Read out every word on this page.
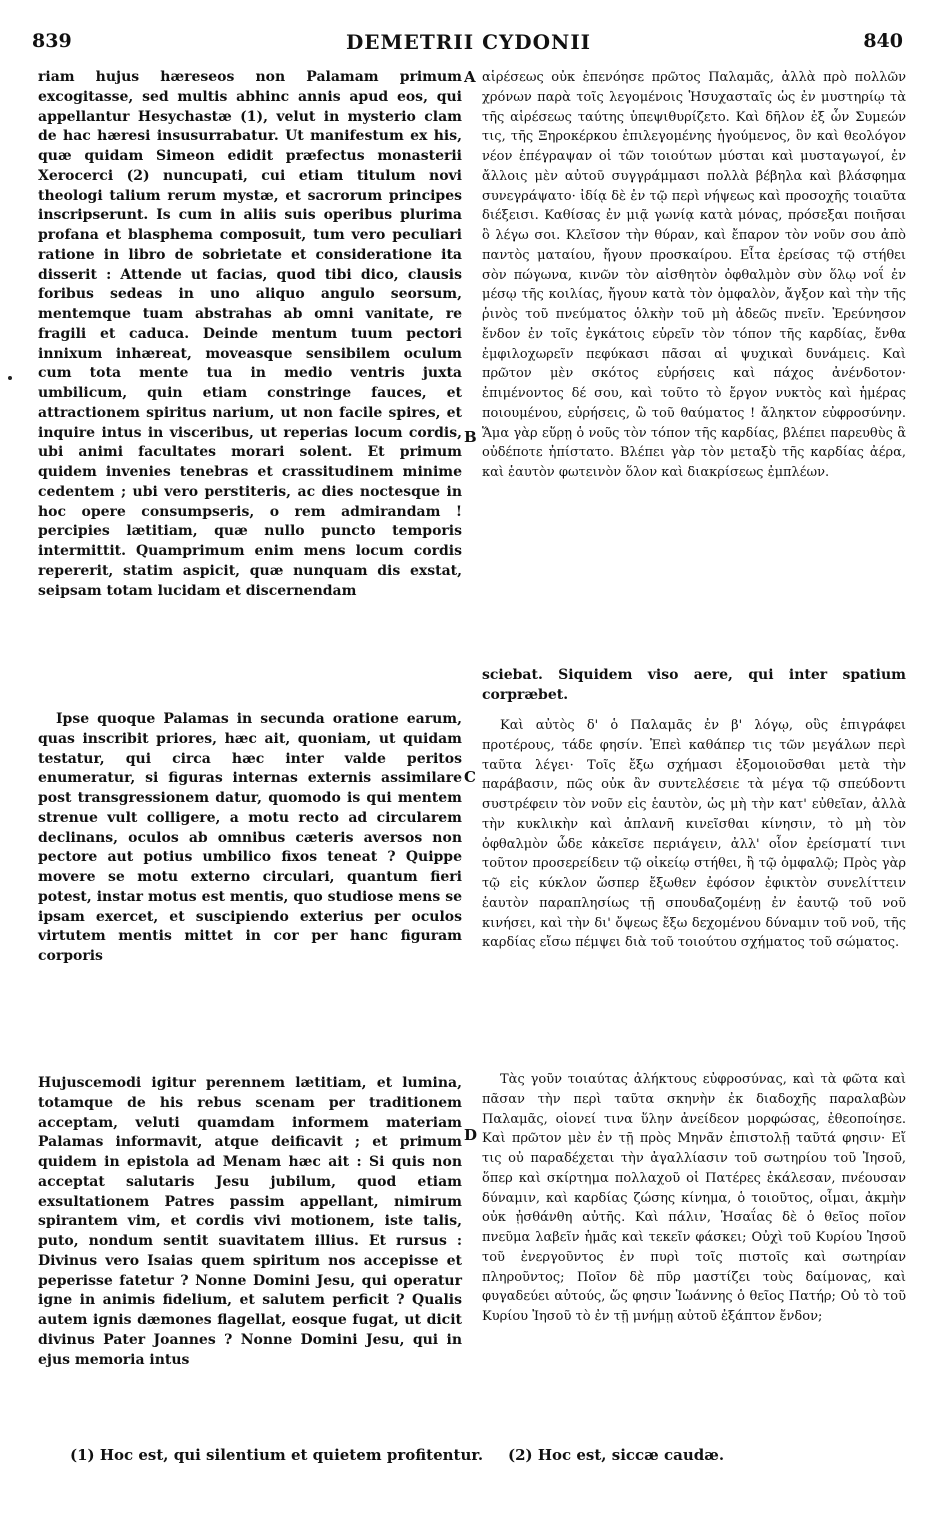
839	DEMETRII CYDONII	840
riam hujus hæreseos non Palamam primum excogitasse, sed multis abhinc annis apud eos, qui appellantur Hesychastæ (1), velut in mysterio clam de hac hæresi insusurrabatur. Ut manifestum ex his, quæ quidam Simeon edidit præfectus monasterii Xerocerci (2) nuncupati, cui etiam titulum novi theologi talium rerum mystæ, et sacrorum principes inscripserunt. Is cum in aliis suis operibus plurima profana et blasphema composuit, tum vero peculiari ratione in libro de sobrietate et consideratione ita disserit : Attende ut facias, quod tibi dico, clausis foribus sedeas in uno aliquo angulo seorsum, mentemque tuam abstrahas ab omni vanitate, re fragili et caduca. Deinde mentum tuum pectori innixum inhæreat, moveasque sensibilem oculum cum tota mente tua in medio ventris juxta umbilicum, quin etiam constringe fauces, et attractionem spiritus narium, ut non facile spires, et inquire intus in visceribus, ut reperias locum cordis, ubi animi facultates morari solent. Et primum quidem invenies tenebras et crassitudinem minime cedentem ; ubi vero perstiteris, ac dies noctesque in hoc opere consumpseris, o rem admirandam ! percipies lætitiam, quæ nullo puncto temporis intermittit. Quamprimum enim mens locum cordis repererit, statim aspicit, quæ nunquam dis exstat, seipsam totam lucidam et discernendam
Ipse quoque Palamas in secunda oratione earum, quas inscribit priores, hæc ait, quoniam, ut quidam testatur, qui circa hæc inter valde peritos enumeratur, si figuras internas externis assimilare post transgressionem datur, quomodo is qui mentem strenue vult colligere, a motu recto ad circularem declinans, oculos ab omnibus cæteris aversos non pectore aut potius umbilico fixos teneat ? Quippe movere se motu externo circulari, quantum fieri potest, instar motus est mentis, quo studiose mens se ipsam exercet, et suscipiendo exterius per oculos virtutem mentis mittet in cor per hanc figuram corporis
Hujuscemodi igitur perennem lætitiam, et lumina, totamque de his rebus scenam per traditionem acceptam, veluti quamdam informem materiam Palamas informavit, atque deificavit ; et primum quidem in epistola ad Menam hæc ait : Si quis non acceptat salutaris Jesu jubilum, quod etiam exsultationem Patres passim appellant, nimirum spirantem vim, et cordis vivi motionem, iste talis, puto, nondum sentit suavitatem illius. Et rursus : Divinus vero Isaias quem spiritum nos accepisse et peperisse fatetur ? Nonne Domini Jesu, qui operatur igne in animis fidelium, et salutem perficit ? Qualis autem ignis dæmones flagellat, eosque fugat, ut dicit divinus Pater Joannes ? Nonne Domini Jesu, qui in ejus memoria intus
αἱρέσεως οὐκ ἐπενόησε πρῶτος Παλαμᾶς, ἀλλὰ πρὸ πολλῶν χρόνων παρὰ τοῖς λεγομένοις Ἡσυχασταῖς ὡς ἐν μυστηρίῳ τὰ τῆς αἱρέσεως ταύτης ὑπεψιθυρίζετο. Καὶ δῆλον ἐξ ὧν Συμεών τις, τῆς Ξηροκέρκου ἐπιλεγομένης ἡγούμενος, ὃν καὶ θεολόγον νέον ἐπέγραψαν οἱ τῶν τοιούτων μύσται καὶ μυσταγωγοί, ἐν ἄλλοις μὲν αὐτοῦ συγγράμμασι πολλὰ βέβηλα καὶ βλάσφημα συνεγράψατο· ἰδίᾳ δὲ ἐν τῷ περὶ νήψεως καὶ προσοχῆς τοιαῦτα διέξεισι. Καθίσας ἐν μιᾷ γωνίᾳ κατὰ μόνας, πρόσεξαι ποιῆσαι ὃ λέγω σοι. Κλεῖσον τὴν θύραν, καὶ ἔπαρον τὸν νοῦν σου ἀπὸ παντὸς ματαίου, ἤγουν προσκαίρου. Εἶτα ἐρείσας τῷ στήθει σὸν πώγωνα, κινῶν τὸν αἰσθητὸν ὀφθαλμὸν σὺν ὅλῳ νοΐ ἐν μέσῳ τῆς κοιλίας, ἤγουν κατὰ τὸν ὀμφαλὸν, ἄγξον καὶ τὴν τῆς ῥινὸς τοῦ πνεύματος ὁλκὴν τοῦ μὴ ἀδεῶς πνεῖν. Ἐρεύνησον ἔνδον ἐν τοῖς ἐγκάτοις εὑρεῖν τὸν τόπον τῆς καρδίας, ἔνθα ἐμφιλοχωρεῖν πεφύκασι πᾶσαι αἱ ψυχικαὶ δυνάμεις. Καὶ πρῶτον μὲν σκότος εὑρήσεις καὶ πάχος ἀνένδοτον· ἐπιμένοντος δέ σου, καὶ τοῦτο τὸ ἔργον νυκτὸς καὶ ἡμέρας ποιουμένου, εὑρήσεις, ὢ τοῦ θαύματος ! ἄληκτον εὐφροσύνην. Ἅμα γὰρ εὕρῃ ὁ νοῦς τὸν τόπον τῆς καρδίας, βλέπει παρευθὺς ἃ οὐδέποτε ἠπίστατο. Βλέπει γὰρ τὸν μεταξὺ τῆς καρδίας ἀέρα, καὶ ἑαυτὸν φωτεινὸν ὅλον καὶ διακρίσεως ἐμπλέων.
sciebat. Siquidem viso aere, qui inter spatium corpræbet.
Καὶ αὐτὸς δ' ὁ Παλαμᾶς ἐν β' λόγῳ, οὓς ἐπιγράφει προτέρους, τάδε φησίν. Ἐπεὶ καθάπερ τις τῶν μεγάλων περὶ ταῦτα λέγει· Τοῖς ἔξω σχήμασι ἐξομοιοῦσθαι μετὰ τὴν παράβασιν, πῶς οὐκ ἂν συντελέσειε τὰ μέγα τῷ σπεύδοντι συστρέφειν τὸν νοῦν εἰς ἑαυτὸν, ὡς μὴ τὴν κατ' εὐθεῖαν, ἀλλὰ τὴν κυκλικὴν καὶ ἀπλανῆ κινεῖσθαι κίνησιν, τὸ μὴ τὸν ὀφθαλμὸν ὧδε κἀκεῖσε περιάγειν, ἀλλ' οἷον ἐρείσματί τινι τοῦτον προσερείδειν τῷ οἰκείῳ στήθει, ἢ τῷ ὀμφαλῷ; Πρὸς γὰρ τῷ εἰς κύκλον ὥσπερ ἔξωθεν ἐφόσον ἐφικτὸν συνελίττειν ἑαυτὸν παραπλησίως τῇ σπουδαζομένῃ ἐν ἑαυτῷ τοῦ νοῦ κινήσει, καὶ τὴν δι' ὄψεως ἔξω δεχομένου δύναμιν τοῦ νοῦ, τῆς καρδίας εἴσω πέμψει διὰ τοῦ τοιούτου σχήματος τοῦ σώματος.
Τὰς γοῦν τοιαύτας ἀλήκτους εὐφροσύνας, καὶ τὰ φῶτα καὶ πᾶσαν τὴν περὶ ταῦτα σκηνὴν ἐκ διαδοχῆς παραλαβὼν Παλαμᾶς, οἱονεί τινα ὕλην ἀνείδεον μορφώσας, ἐθεοποίησε. Καὶ πρῶτον μὲν ἐν τῇ πρὸς Μηνᾶν ἐπιστολῇ ταῦτά φησιν· Εἴ τις οὐ παραδέχεται τὴν ἀγαλλίασιν τοῦ σωτηρίου τοῦ Ἰησοῦ, ὅπερ καὶ σκίρτημα πολλαχοῦ οἱ Πατέρες ἐκάλεσαν, πνέουσαν δύναμιν, καὶ καρδίας ζώσης κίνημα, ὁ τοιοῦτος, οἶμαι, ἀκμὴν οὐκ ᾐσθάνθη αὐτῆς. Καὶ πάλιν, Ἡσαΐας δὲ ὁ θεῖος ποῖον πνεῦμα λαβεῖν ἡμᾶς καὶ τεκεῖν φάσκει; Οὐχὶ τοῦ Κυρίου Ἰησοῦ τοῦ ἐνεργοῦντος ἐν πυρὶ τοῖς πιστοῖς καὶ σωτηρίαν πληροῦντος; Ποῖον δὲ πῦρ μαστίζει τοὺς δαίμονας, καὶ φυγαδεύει αὐτούς, ὥς φησιν Ἰωάννης ὁ θεῖος Πατήρ; Οὐ τὸ τοῦ Κυρίου Ἰησοῦ τὸ ἐν τῇ μνήμῃ αὐτοῦ ἐξάπτον ἔνδον;
A
B
C
D
(1) Hoc est, qui silentium et quietem profitentur. (2) Hoc est, siccæ caudæ.
